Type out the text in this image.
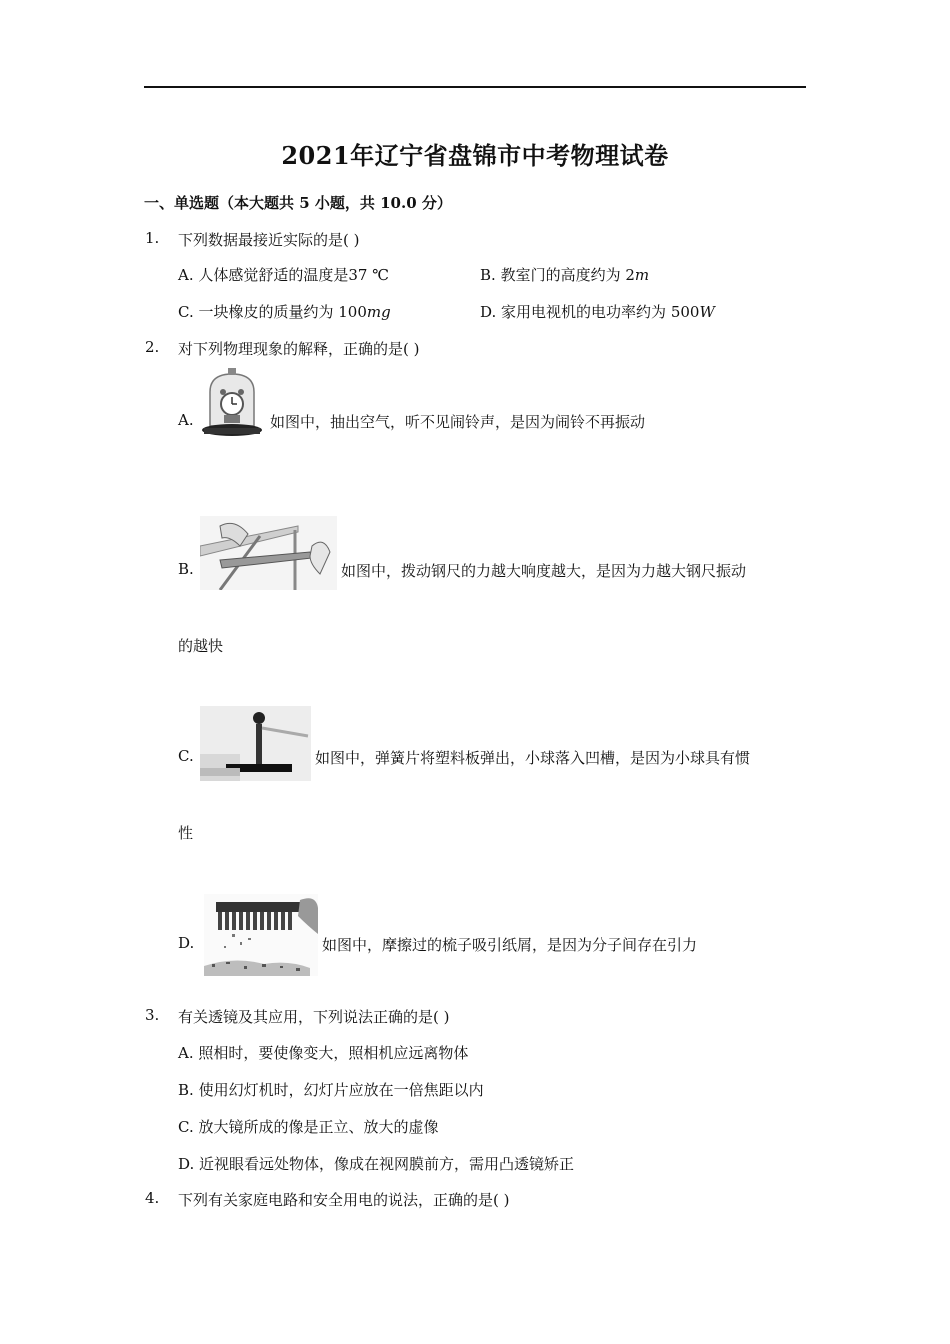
2021年辽宁省盘锦市中考物理试卷
一、单选题（本大题共 5 小题，共 10.0 分）
1. 下列数据最接近实际的是( )
A. 人体感觉舒适的温度是37 ℃	B. 教室门的高度约为 2m
C. 一块橡皮的质量约为 100mg	D. 家用电视机的电功率约为 500W
2. 对下列物理现象的解释，正确的是( )
A.	如图中，抽出空气，听不见闹铃声，是因为闹铃不再振动
B.	如图中，拨动钢尺的力越大响度越大，是因为力越大钢尺振动
的越快
C.	如图中，弹簧片将塑料板弹出，小球落入凹槽，是因为小球具有惯
性
D.	如图中，摩擦过的梳子吸引纸屑，是因为分子间存在引力
3. 有关透镜及其应用，下列说法正确的是( )
A. 照相时，要使像变大，照相机应远离物体
B. 使用幻灯机时，幻灯片应放在一倍焦距以内
C. 放大镜所成的像是正立、放大的虚像
D. 近视眼看远处物体，像成在视网膜前方，需用凸透镜矫正
4. 下列有关家庭电路和安全用电的说法，正确的是( )
